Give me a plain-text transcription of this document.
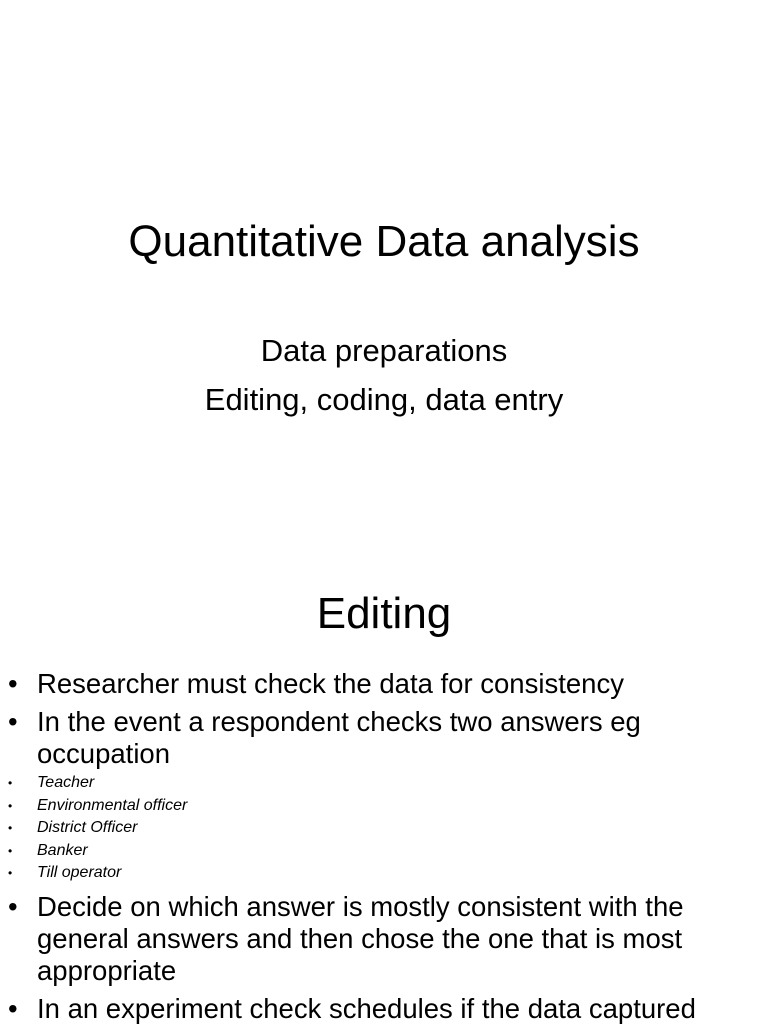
Quantitative Data analysis

Data preparations

Editing, coding, data entry

Editing
• Researcher must check the data for consistency
• In the event a respondent checks two answers eg occupation
• Teacher
• Environmental officer
• District Officer
• Banker
• Till operator
• Decide on which answer is mostly consistent with the general answers and then chose the one that is most appropriate
• In an experiment check schedules if the data captured
